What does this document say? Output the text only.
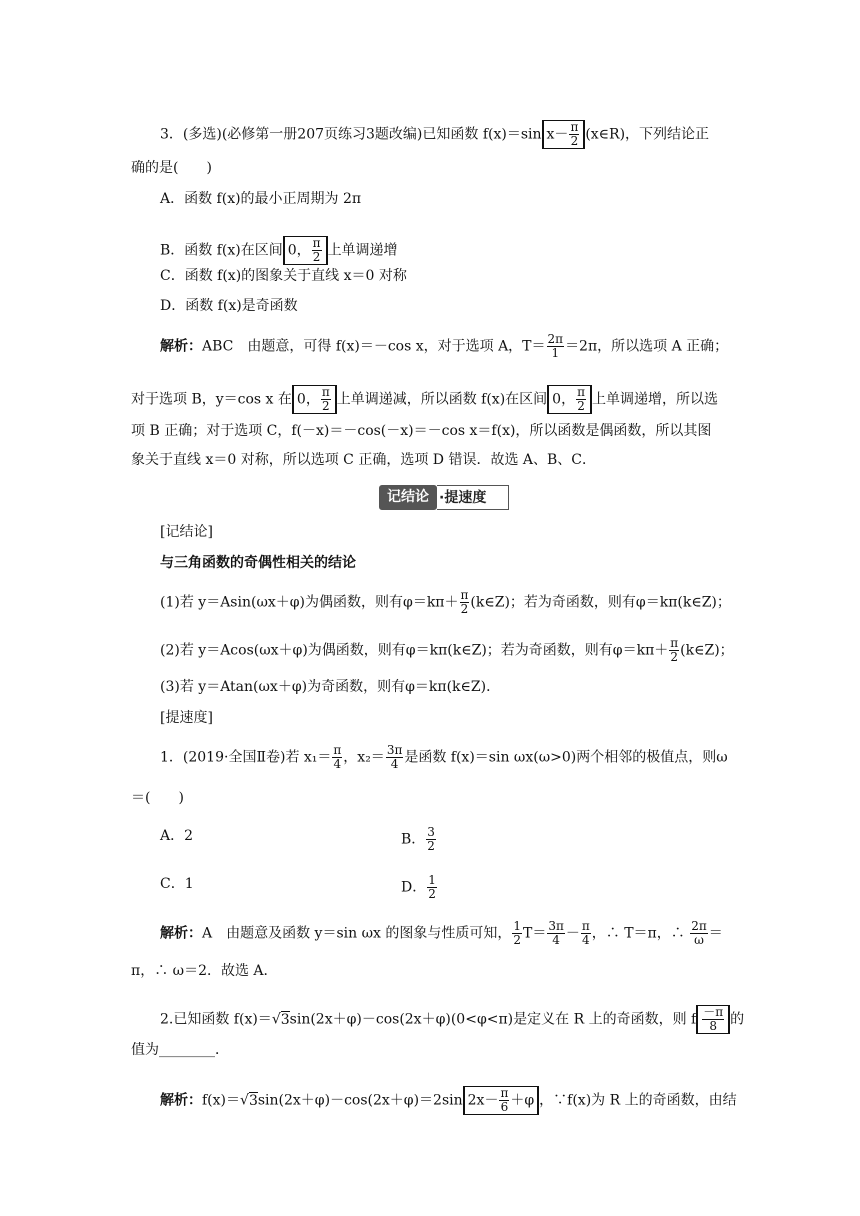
3．(多选)(必修第一册207页练习3题改编)已知函数 f(x)＝sin $x- \frac{\pi}{2}$ (x∈R)，下列结论正
确的是(　　)
A．函数 f(x)的最小正周期为 2π
B．函数 f(x)在区间 0， $\frac{\pi}{2}$ 上单调递增
C．函数 f(x)的图象关于直线 x＝0 对称
D．函数 f(x)是奇函数
解析：ABC　由题意，可得 f(x)＝－cos x，对于选项 A，$T= \frac{2\pi}{1} =2\pi$，所以选项 A 正确；
对于选项 B，y＝cos x 在 0， $\frac{\pi}{2}$ 上单调递减，所以函数 f(x)在区间 0， $\frac{\pi}{2}$ 上单调递增，所以选
项 B 正确；对于选项 C，f(－x)＝－cos(－x)＝－cos x＝f(x)，所以函数是偶函数，所以其图
象关于直线 x＝0 对称，所以选项 C 正确，选项 D 错误．故选 A、B、C．
记结论 ·提速度
[记结论]
与三角函数的奇偶性相关的结论
(1)若 y＝Asin(ωx＋φ)为偶函数，则有$\varphi=k\pi+ \frac{\pi}{2}$ (k∈Z)；若为奇函数，则有φ＝kπ(k∈Z)；
(2)若 y＝Acos(ωx＋φ)为偶函数，则有φ＝kπ(k∈Z)；若为奇函数，则有$\varphi=k\pi+ \frac{\pi}{2}$ (k∈Z)；
(3)若 y＝Atan(ωx＋φ)为奇函数，则有φ＝kπ(k∈Z)．
[提速度]
1．(2019·全国Ⅱ卷)若 $x_1= \frac{\pi}{4}$ ，$x_2= \frac{3\pi}{4}$ 是函数 f(x)＝sin ωx(ω>0)两个相邻的极值点，则ω
＝(　　)
A．2	B． $\frac{3}{2}$
C．1	D． $\frac{1}{2}$
解析：A　由题意及函数 y＝sin ωx 的图象与性质可知， $\frac{1}{2} T= \frac{3\pi}{4} - \frac{\pi}{4}$ ，∴ T＝π，∴ $\frac{2\pi}{\omega}$ ＝
π，∴ ω＝2．故选 A．
2.已知函数 f(x)＝√3sin(2x＋φ)－cos(2x＋φ)(0<φ<π)是定义在 R 上的奇函数，则 f $\frac{-\pi}{8}$ 的
值为________．
解析：f(x)＝√3sin(2x＋φ)－cos(2x＋φ)＝2sin $2x- \frac{\pi}{6} +\varphi$ ，∵f(x)为 R 上的奇函数，由结
